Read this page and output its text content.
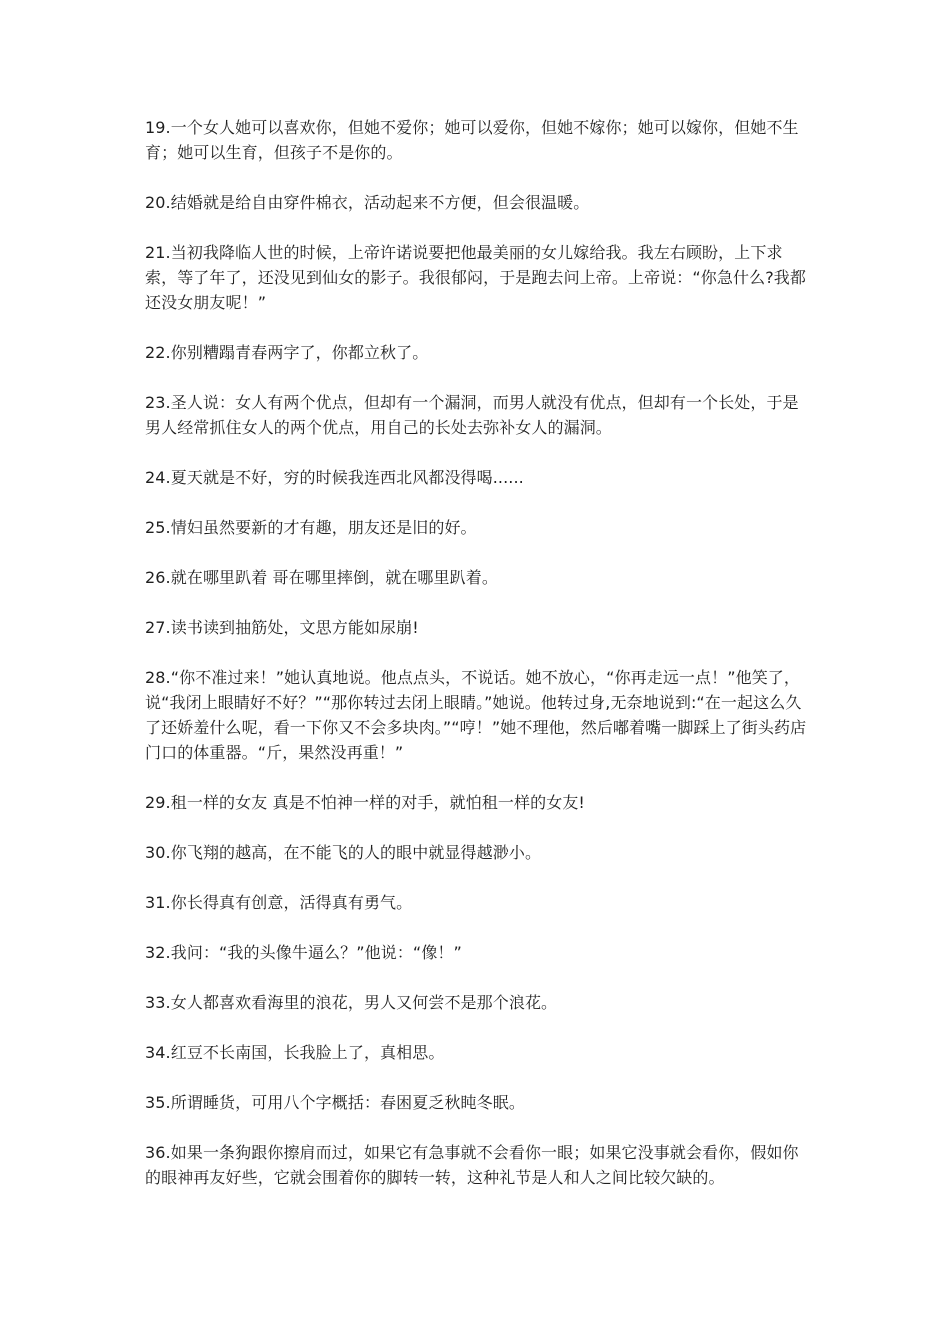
19.一个女人她可以喜欢你，但她不爱你；她可以爱你，但她不嫁你；她可以嫁你，但她不生育；她可以生育，但孩子不是你的。

20.结婚就是给自由穿件棉衣，活动起来不方便，但会很温暖。

21.当初我降临人世的时候，上帝许诺说要把他最美丽的女儿嫁给我。我左右顾盼，上下求索，等了年了，还没见到仙女的影子。我很郁闷，于是跑去问上帝。上帝说：“你急什么?我都还没女朋友呢！”

22.你别糟蹋青春两字了，你都立秋了。

23.圣人说：女人有两个优点，但却有一个漏洞，而男人就没有优点，但却有一个长处，于是男人经常抓住女人的两个优点，用自己的长处去弥补女人的漏洞。

24.夏天就是不好，穷的时候我连西北风都没得喝......

25.情妇虽然要新的才有趣，朋友还是旧的好。

26.就在哪里趴着 哥在哪里摔倒，就在哪里趴着。

27.读书读到抽筋处，文思方能如尿崩!

28.“你不准过来！”她认真地说。他点点头，不说话。她不放心，“你再走远一点！”他笑了，说“我闭上眼睛好不好？”“那你转过去闭上眼睛。”她说。他转过身,无奈地说到:“在一起这么久了还娇羞什么呢，看一下你又不会多块肉。”“哼！”她不理他，然后嘟着嘴一脚踩上了街头药店门口的体重器。“斤，果然没再重！”

29.租一样的女友 真是不怕神一样的对手，就怕租一样的女友!

30.你飞翔的越高，在不能飞的人的眼中就显得越渺小。

31.你长得真有创意，活得真有勇气。

32.我问：“我的头像牛逼么？”他说：“像！”

33.女人都喜欢看海里的浪花，男人又何尝不是那个浪花。

34.红豆不长南国，长我脸上了，真相思。

35.所谓睡货，可用八个字概括：春困夏乏秋盹冬眠。

36.如果一条狗跟你擦肩而过，如果它有急事就不会看你一眼；如果它没事就会看你，假如你的眼神再友好些，它就会围着你的脚转一转，这种礼节是人和人之间比较欠缺的。
